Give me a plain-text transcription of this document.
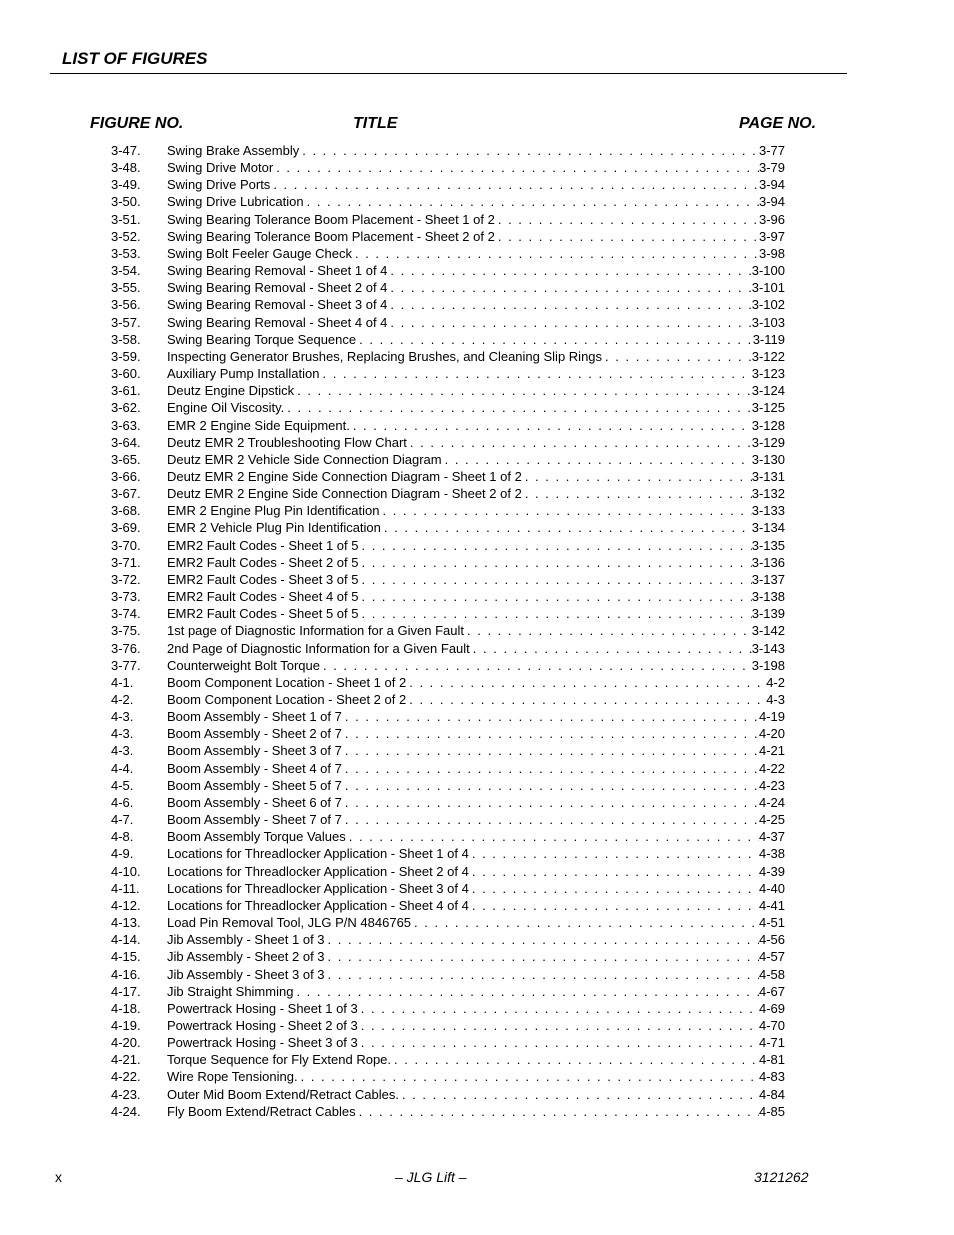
LIST OF FIGURES
FIGURE NO.	TITLE	PAGE NO.
3-47. Swing Brake Assembly . . .	3-77
3-48. Swing Drive Motor . . .	3-79
3-49. Swing Drive Ports . . .	3-94
3-50. Swing Drive Lubrication . . .	3-94
3-51. Swing Bearing Tolerance Boom Placement - Sheet 1 of 2 . . .	3-96
3-52. Swing Bearing Tolerance Boom Placement - Sheet 2 of 2 . . .	3-97
3-53. Swing Bolt Feeler Gauge Check . . .	3-98
3-54. Swing Bearing Removal - Sheet 1 of 4 . . .	3-100
3-55. Swing Bearing Removal - Sheet 2 of 4 . . .	3-101
3-56. Swing Bearing Removal - Sheet 3 of 4 . . .	3-102
3-57. Swing Bearing Removal - Sheet 4 of 4 . . .	3-103
3-58. Swing Bearing Torque Sequence . . .	3-119
3-59. Inspecting Generator Brushes, Replacing Brushes, and Cleaning Slip Rings . . .	3-122
3-60. Auxiliary Pump Installation . . .	3-123
3-61. Deutz Engine Dipstick . . .	3-124
3-62. Engine Oil Viscosity. . . .	3-125
3-63. EMR 2 Engine Side Equipment. . . .	3-128
3-64. Deutz EMR 2 Troubleshooting Flow Chart . . .	3-129
3-65. Deutz EMR 2 Vehicle Side Connection Diagram . . .	3-130
3-66. Deutz EMR 2 Engine Side Connection Diagram - Sheet 1 of 2 . . .	3-131
3-67. Deutz EMR 2 Engine Side Connection Diagram - Sheet 2 of 2 . . .	3-132
3-68. EMR 2 Engine Plug Pin Identification . . .	3-133
3-69. EMR 2 Vehicle Plug Pin Identification . . .	3-134
3-70. EMR2 Fault Codes - Sheet 1 of 5 . . .	3-135
3-71. EMR2 Fault Codes - Sheet 2 of 5 . . .	3-136
3-72. EMR2 Fault Codes - Sheet 3 of 5 . . .	3-137
3-73. EMR2 Fault Codes - Sheet 4 of 5 . . .	3-138
3-74. EMR2 Fault Codes - Sheet 5 of 5 . . .	3-139
3-75. 1st page of Diagnostic Information for a Given Fault . . .	3-142
3-76. 2nd Page of Diagnostic Information for a Given Fault . . .	3-143
3-77. Counterweight Bolt Torque . . .	3-198
4-1.	Boom Component Location - Sheet 1 of 2 . . .	4-2
4-2.	Boom Component Location - Sheet 2 of 2 . . .	4-3
4-3.	Boom Assembly - Sheet 1 of 7 . . .	4-19
4-3.	Boom Assembly - Sheet 2 of 7 . . .	4-20
4-3.	Boom Assembly - Sheet 3 of 7 . . .	4-21
4-4.	Boom Assembly - Sheet 4 of 7 . . .	4-22
4-5.	Boom Assembly - Sheet 5 of 7 . . .	4-23
4-6.	Boom Assembly - Sheet 6 of 7 . . .	4-24
4-7.	Boom Assembly - Sheet 7 of 7 . . .	4-25
4-8.	Boom Assembly Torque Values . . .	4-37
4-9.	Locations for Threadlocker Application - Sheet 1 of 4 . . .	4-38
4-10. Locations for Threadlocker Application - Sheet 2 of 4 . . .	4-39
4-11. Locations for Threadlocker Application - Sheet 3 of 4 . . .	4-40
4-12. Locations for Threadlocker Application - Sheet 4 of 4 . . .	4-41
4-13. Load Pin Removal Tool, JLG P/N 4846765 . . .	4-51
4-14. Jib Assembly - Sheet 1 of 3 . . .	4-56
4-15. Jib Assembly - Sheet 2 of 3 . . .	4-57
4-16. Jib Assembly - Sheet 3 of 3 . . .	4-58
4-17. Jib Straight Shimming . . .	4-67
4-18. Powertrack Hosing - Sheet 1 of 3 . . .	4-69
4-19. Powertrack Hosing - Sheet 2 of 3 . . .	4-70
4-20. Powertrack Hosing - Sheet 3 of 3 . . .	4-71
4-21. Torque Sequence for Fly Extend Rope. . . .	4-81
4-22. Wire Rope Tensioning. . . .	4-83
4-23. Outer Mid Boom Extend/Retract Cables. . . .	4-84
4-24. Fly Boom Extend/Retract Cables . . .	4-85
x	– JLG Lift –	3121262
